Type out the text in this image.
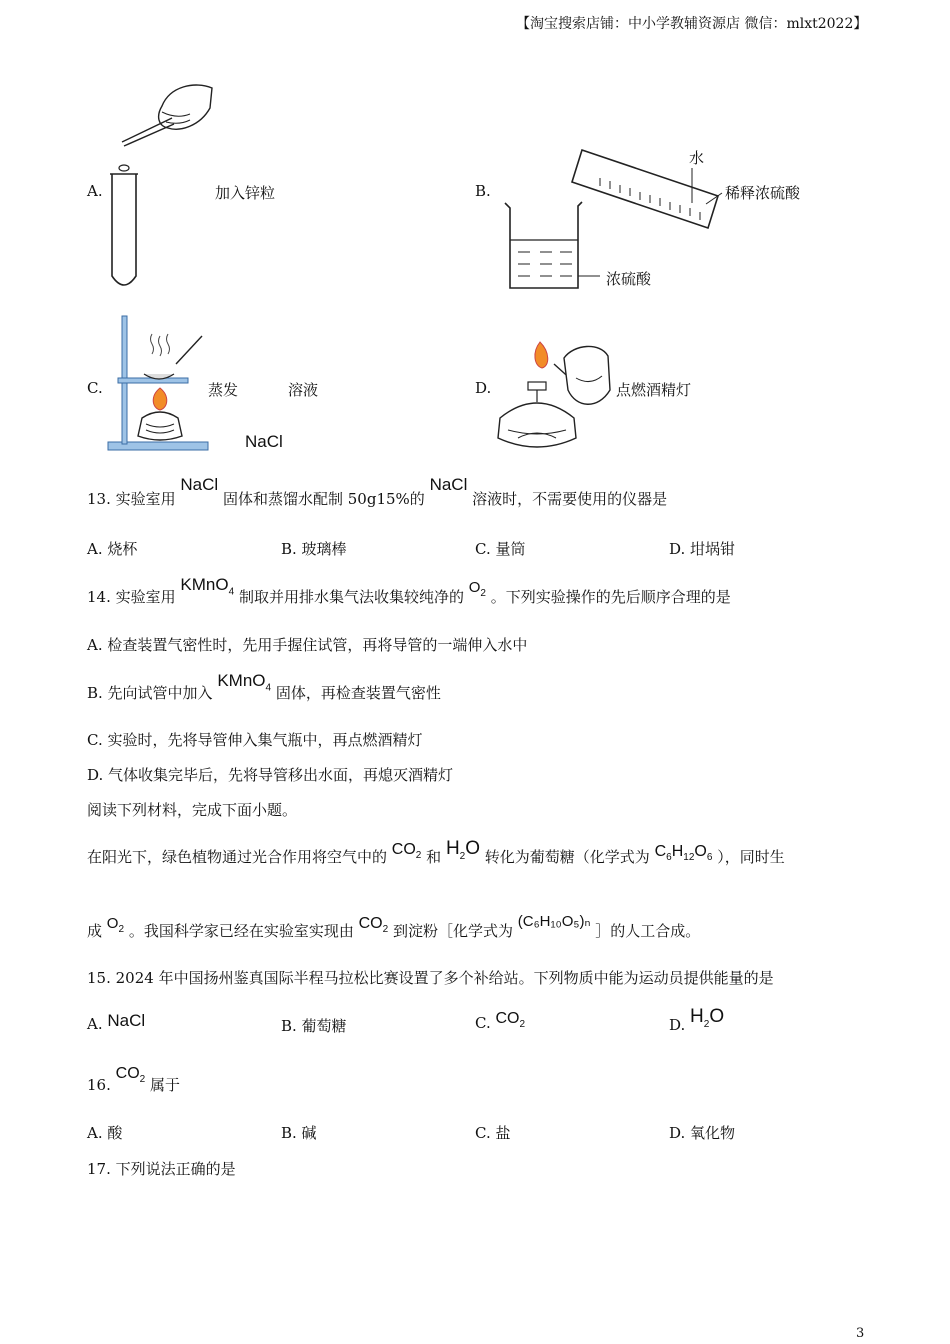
【淘宝搜索店铺：中小学教辅资源店 微信：mlxt2022】
A.	加入锌粒	B.
水
稀释浓硫酸
浓硫酸
C.	蒸发	溶液
NaCl
D.	点燃酒精灯
13. 实验室用 NaCl 固体和蒸馏水配制 50g15%的 NaCl 溶液时，不需要使用的仪器是
A. 烧杯	B. 玻璃棒	C. 量筒	D. 坩埚钳
14. 实验室用 KMnO$_4$ 制取并用排水集气法收集较纯净的 $O_2$ 。下列实验操作的先后顺序合理的是
A. 检查装置气密性时，先用手握住试管，再将导管的一端伸入水中
B. 先向试管中加入 KMnO$_4$ 固体，再检查装置气密性
C. 实验时，先将导管伸入集气瓶中，再点燃酒精灯
D. 气体收集完毕后，先将导管移出水面，再熄灭酒精灯
阅读下列材料，完成下面小题。
在阳光下，绿色植物通过光合作用将空气中的 $CO_2$ 和 $H_2O$ 转化为葡萄糖（化学式为 $C_6H_{12}O_6$ ），同时生
成 $O_2$ 。我国科学家已经在实验室实现由 $CO_2$ 到淀粉［化学式为 (C₆H₁₀O₅)ₙ ］的人工合成。
15. 2024 年中国扬州鉴真国际半程马拉松比赛设置了多个补给站。下列物质中能为运动员提供能量的是
A. NaCl	B. 葡萄糖	C. $CO_2$	D. $H_2O$
16. $CO_2$ 属于
A. 酸	B. 碱	C. 盐	D. 氧化物
17. 下列说法正确的是
3
